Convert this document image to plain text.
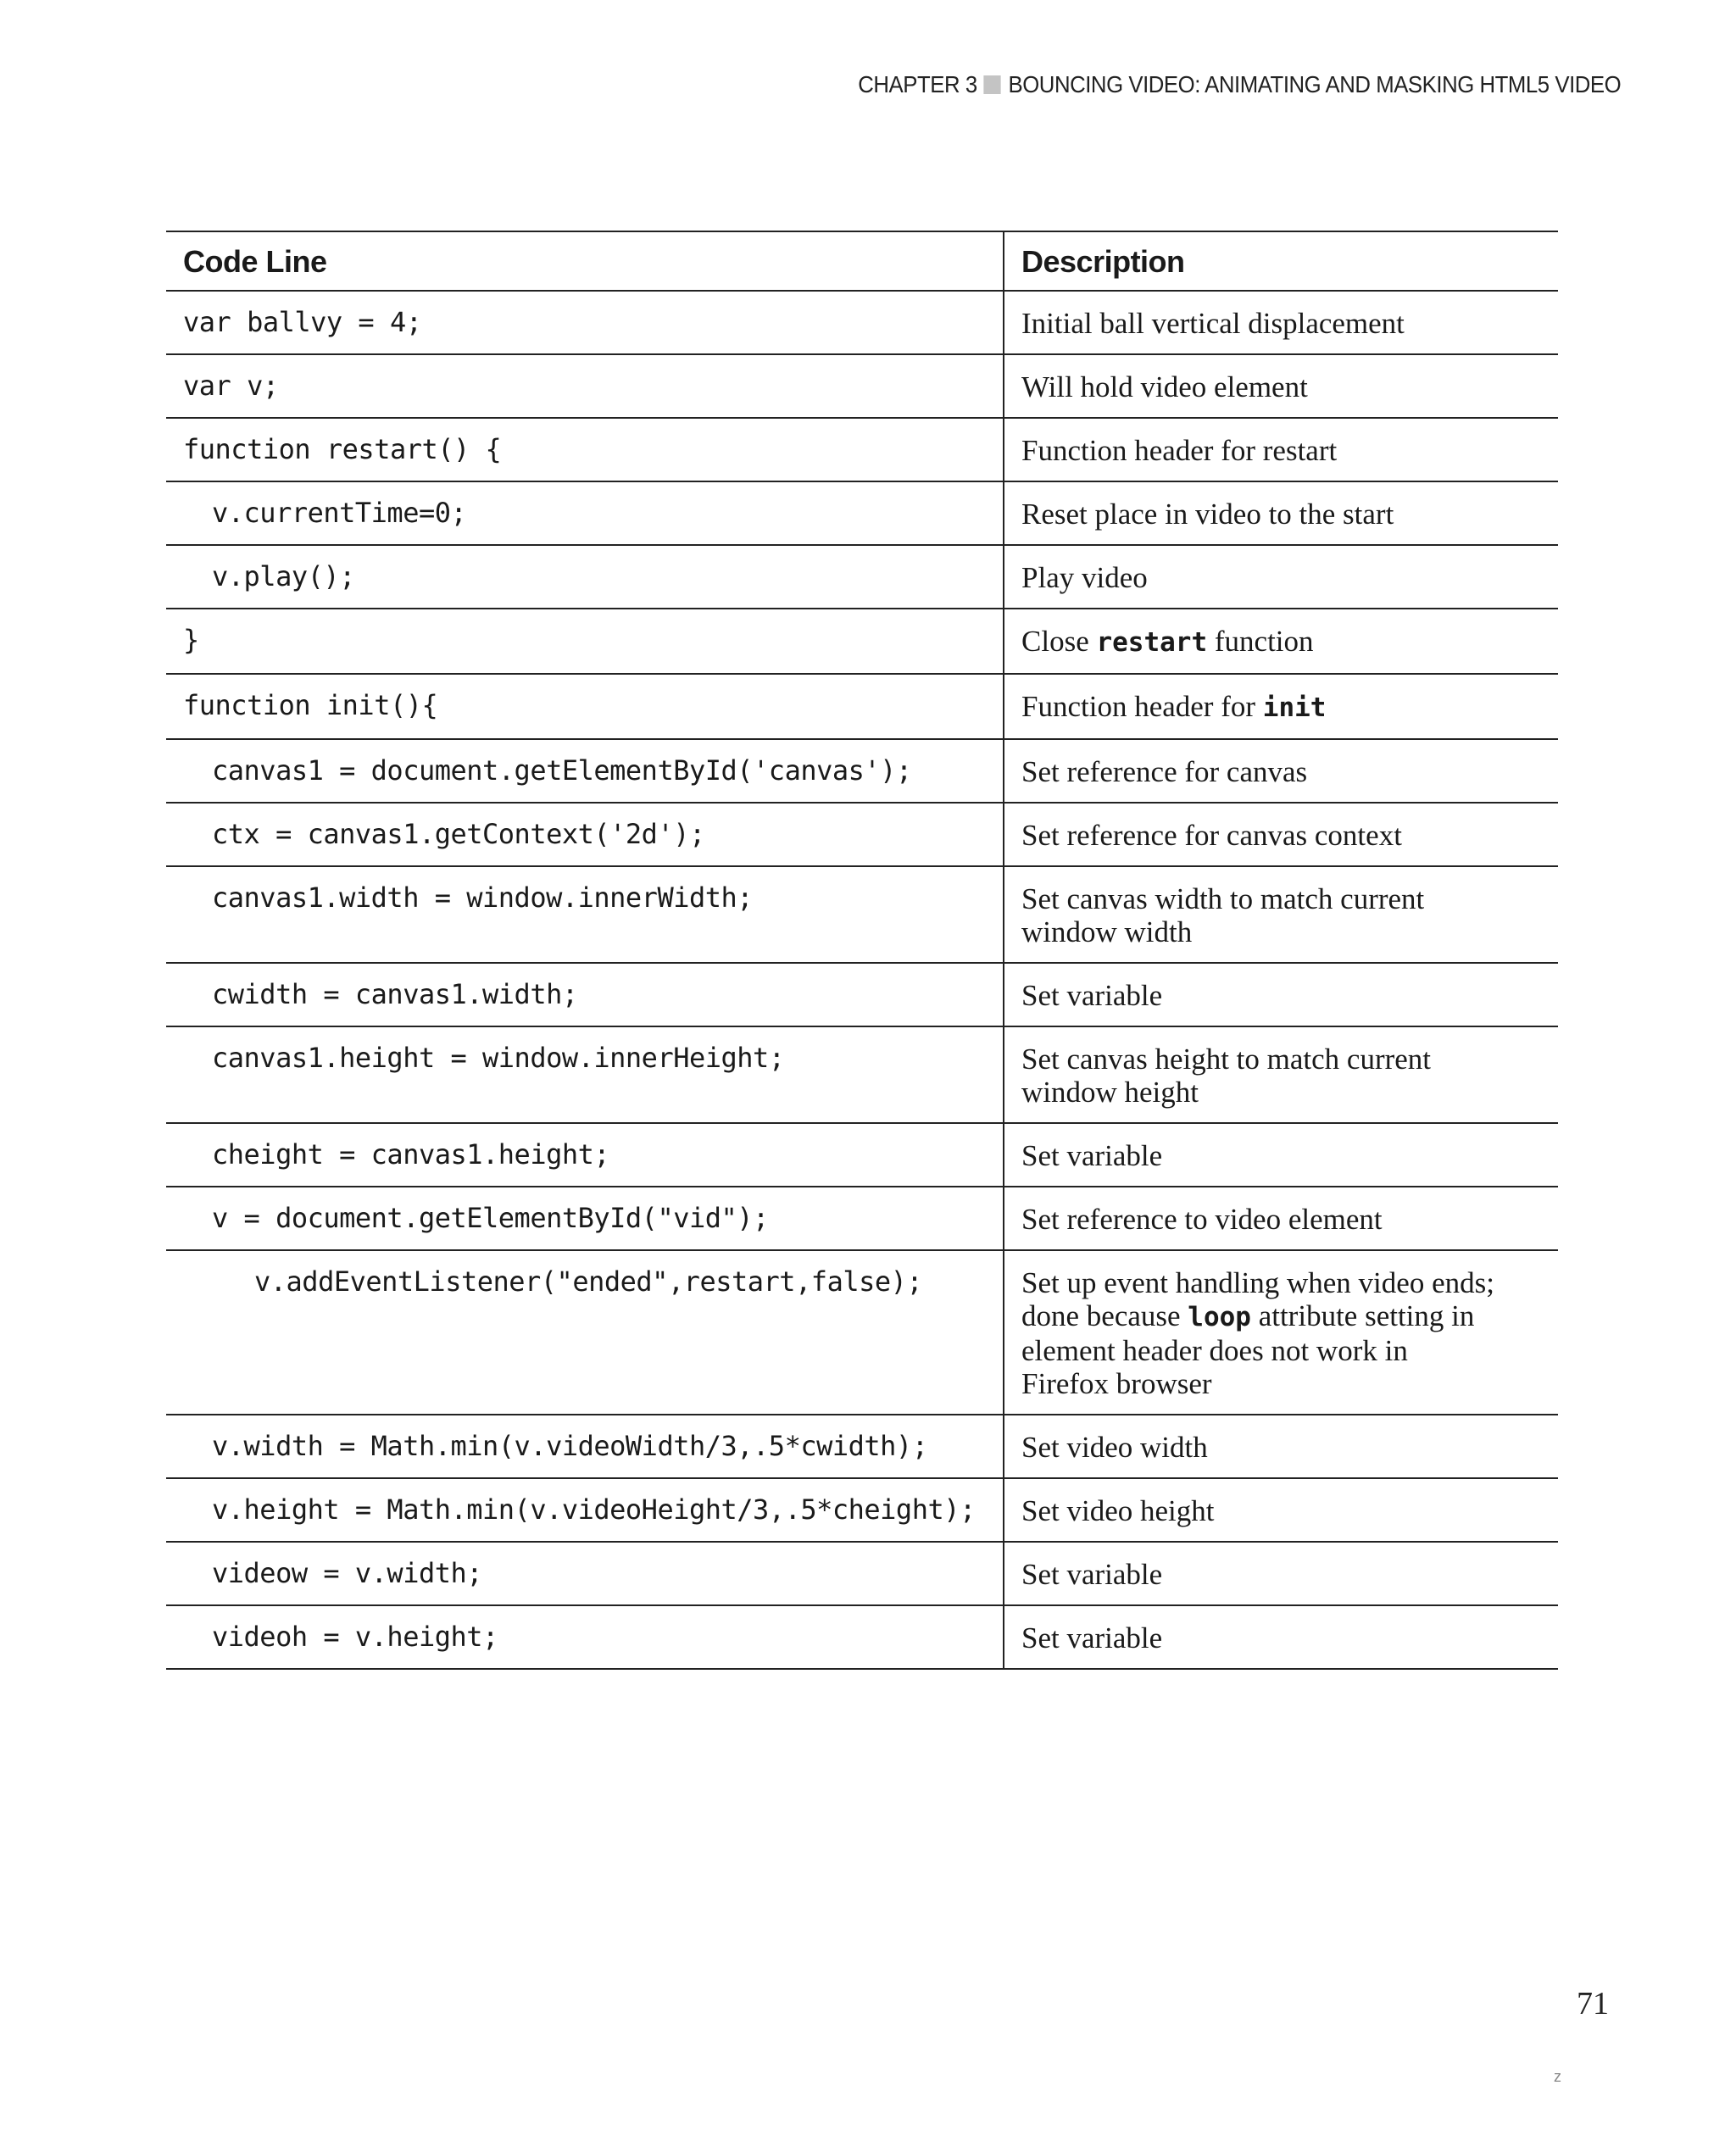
CHAPTER 3 BOUNCING VIDEO: ANIMATING AND MASKING HTML5 VIDEO
Code Line	Description
var ballvy = 4;	Initial ball vertical displacement

var v;	Will hold video element

function restart() {	Function header for restart

v.currentTime=0;	Reset place in video to the start

v.play();	Play video

}	Close restart function

function init(){	Function header for init

canvas1 = document.getElementById('canvas');	Set reference for canvas

ctx = canvas1.getContext('2d');	Set reference for canvas context

canvas1.width = window.innerWidth;	Set canvas width to match current
window width

cwidth = canvas1.width;	Set variable

canvas1.height = window.innerHeight;	Set canvas height to match current
window height

cheight = canvas1.height;	Set variable

v = document.getElementById("vid");	Set reference to video element

v.addEventListener("ended",restart,false);	Set up event handling when video ends;
done because loop attribute setting in
element header does not work in
Firefox browser

v.width = Math.min(v.videoWidth/3,.5*cwidth);	Set video width

v.height = Math.min(v.videoHeight/3,.5*cheight);	Set video height

videow = v.width;	Set variable

videoh = v.height;	Set variable
71
z
